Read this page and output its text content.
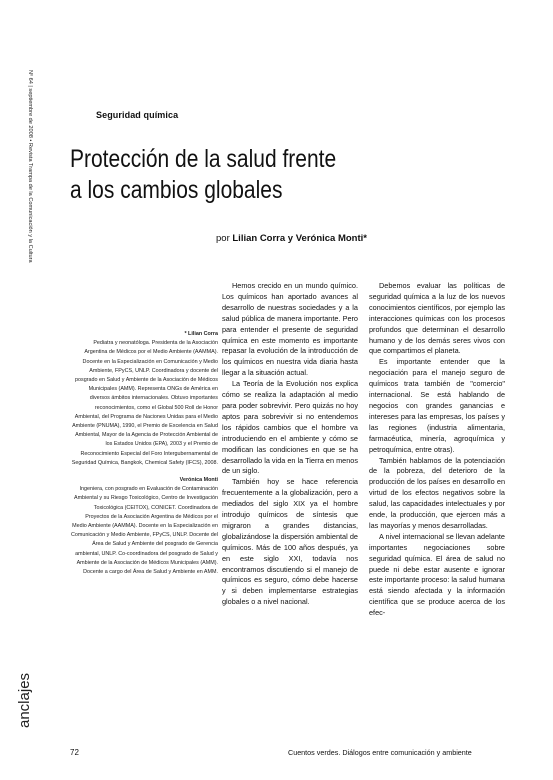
Nº 64 | septiembre de 2008 • Revista Trampa de la Comunicación y la Cultura
anclajes
Seguridad química
Protección de la salud frente
a los cambios globales
por Lilian Corra y Verónica Monti*

* Lilian Corra
Pediatra y neonatóloga. Presidenta de la Asociación Argentina de Médicos por el Medio Ambiente (AAMMA). Docente en la Especialización en Comunicación y Medio Ambiente, FPyCS, UNLP. Coordinadora y docente del posgrado en Salud y Ambiente de la Asociación de Médicos Municipales (AMM). Representa ONGs de América en diversos ámbitos internacionales. Obtuvo importantes reconocimientos, como el Global 500 Roll de Honor Ambiental, del Programa de Naciones Unidas para el Medio Ambiente (PNUMA), 1990, el Premio de Excelencia en Salud Ambiental, Mayor de la Agencia de Protección Ambiental de los Estados Unidos (EPA), 2003 y el Premio de Reconocimiento Especial del Foro Intergubernamental de Seguridad Química, Bangkok, Chemical Safety (IFCS), 2008.

Verónica Monti
Ingeniera, con posgrado en Evaluación de Contaminación Ambiental y su Riesgo Toxicológico, Centro de Investigación Toxicológica (CEITOX), CONICET. Coordinadora de Proyectos de la Asociación Argentina de Médicos por el Medio Ambiente (AAMMA). Docente en la Especialización en Comunicación y Medio Ambiente, FPyCS, UNLP. Docente del Área de Salud y Ambiente del posgrado de Gerencia ambiental, UNLP. Co-coordinadora del posgrado de Salud y Ambiente de la Asociación de Médicos Municipales (AMM). Docente a cargo del Área de Salud y Ambiente en AMM.

Hemos crecido en un mundo químico. Los químicos han aportado avances al desarrollo de nuestras sociedades y a la salud pública de manera importante. Pero para entender el presente de seguridad química en este momento es importante repasar la evolución de la introducción de los químicos en nuestra vida diaria hasta llegar a la situación actual.

La Teoría de la Evolución nos explica cómo se realiza la adaptación al medio para poder sobrevivir. Pero quizás no hoy aptos para sobrevivir si no entendemos los rápidos cambios que el hombre va introduciendo en el ambiente y cómo se modifican las condiciones en que se ha desarrollado la vida en la Tierra en menos de un siglo.

También hoy se hace referencia frecuentemente a la globalización, pero a mediados del siglo XIX ya el hombre introdujo químicos de síntesis que migraron a grandes distancias, globalizándose la dispersión ambiental de químicos. Más de 100 años después, ya en este siglo XXI, todavía nos encontramos discutiendo si el manejo de químicos es seguro, cómo debe hacerse y si deben implementarse estrategias globales o a nivel nacional.

Debemos evaluar las políticas de seguridad química a la luz de los nuevos conocimientos científicos, por ejemplo las interacciones químicas con los procesos profundos que determinan el desarrollo humano y de los demás seres vivos con que compartimos el planeta.

Es importante entender que la negociación para el manejo seguro de químicos trata también de "comercio" internacional. Se está hablando de negocios con grandes ganancias e intereses para las empresas, los países y las regiones (industria alimentaria, farmacéutica, minería, agroquímica y petroquímica, entre otras).

También hablamos de la potenciación de la pobreza, del deterioro de la producción de los países en desarrollo en virtud de los efectos negativos sobre la salud, las capacidades intelectuales y por ende, la producción, que ejercen más a las mayorías y menos desarrolladas.

A nivel internacional se llevan adelante importantes negociaciones sobre seguridad química. El área de salud no puede ni debe estar ausente e ignorar este importante proceso: la salud humana está siendo afectada y la información científica que se produce acerca de los efec-

72	Cuentos verdes. Diálogos entre comunicación y ambiente
